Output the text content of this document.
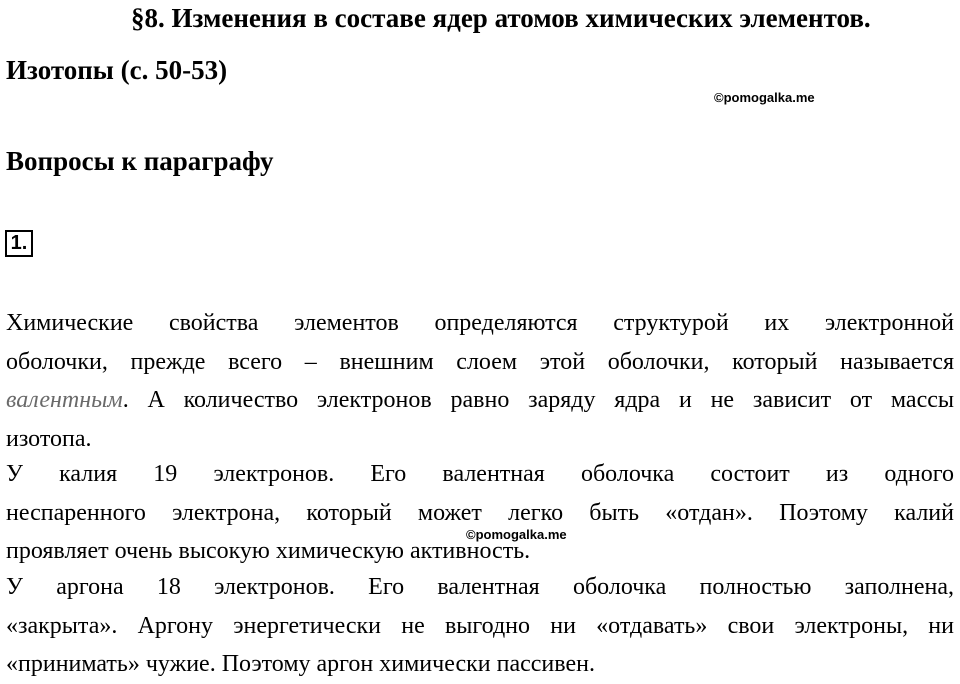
§8. Изменения в составе ядер атомов химических элементов.
Изотопы (с. 50-53)
©pomogalka.me
Вопросы к параграфу
1.
Химические свойства элементов определяются структурой их электронной
оболочки, прежде всего – внешним слоем этой оболочки, который называется
валентным. А количество электронов равно заряду ядра и не зависит от массы
изотопа.
У калия 19 электронов. Его валентная оболочка состоит из одного
неспаренного электрона, который может легко быть «отдан». Поэтому калий
проявляет очень высокую химическую активность.
©pomogalka.me
У аргона 18 электронов. Его валентная оболочка полностью заполнена,
«закрыта». Аргону энергетически не выгодно ни «отдавать» свои электроны, ни
«принимать» чужие. Поэтому аргон химически пассивен.
